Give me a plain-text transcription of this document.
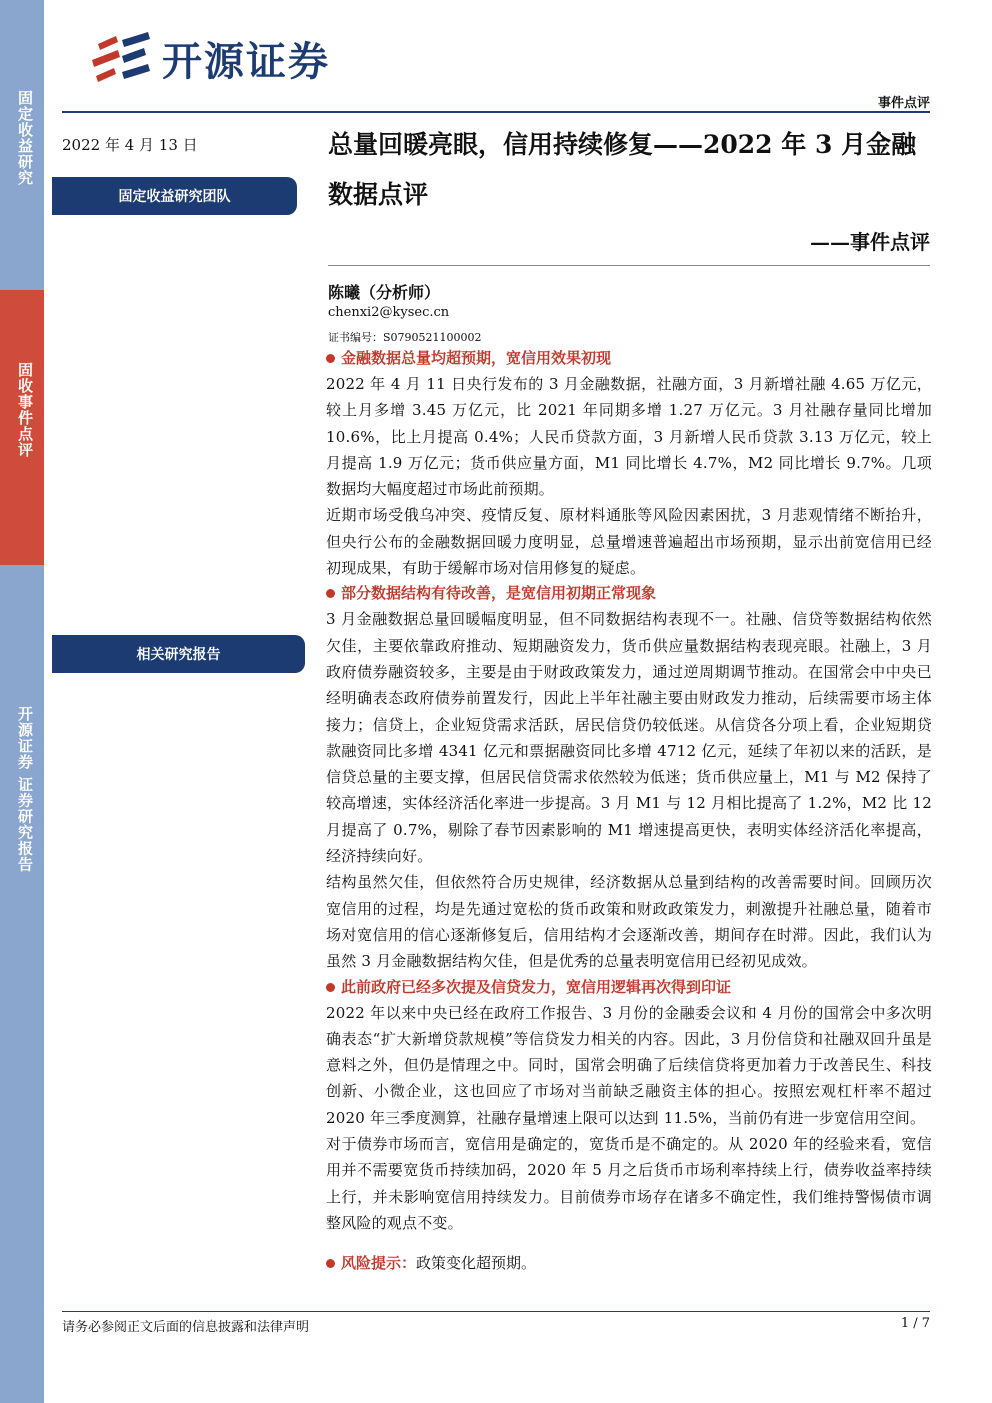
固定收益研究
固收事件点评
开源证券 证券研究报告
开源证券
事件点评
2022 年 4 月 13 日
固定收益研究团队
相关研究报告
总量回暖亮眼，信用持续修复——2022 年 3 月金融数据点评
——事件点评
陈曦（分析师）
chenxi2@kysec.cn
证书编号：S0790521100002
金融数据总量均超预期，宽信用效果初现

2022 年 4 月 11 日央行发布的 3 月金融数据，社融方面，3 月新增社融 4.65 万亿元，较上月多增 3.45 万亿元，比 2021 年同期多增 1.27 万亿元。3 月社融存量同比增加 10.6%，比上月提高 0.4%；人民币贷款方面，3 月新增人民币贷款 3.13 万亿元，较上月提高 1.9 万亿元；货币供应量方面，M1 同比增长 4.7%，M2 同比增长 9.7%。几项数据均大幅度超过市场此前预期。

近期市场受俄乌冲突、疫情反复、原材料通胀等风险因素困扰，3 月悲观情绪不断抬升，但央行公布的金融数据回暖力度明显，总量增速普遍超出市场预期，显示出前宽信用已经初现成果，有助于缓解市场对信用修复的疑虑。

部分数据结构有待改善，是宽信用初期正常现象

3 月金融数据总量回暖幅度明显，但不同数据结构表现不一。社融、信贷等数据结构依然欠佳，主要依靠政府推动、短期融资发力，货币供应量数据结构表现亮眼。社融上，3 月政府债券融资较多，主要是由于财政政策发力，通过逆周期调节推动。在国常会中中央已经明确表态政府债券前置发行，因此上半年社融主要由财政发力推动，后续需要市场主体接力；信贷上，企业短贷需求活跃，居民信贷仍较低迷。从信贷各分项上看，企业短期贷款融资同比多增 4341 亿元和票据融资同比多增 4712 亿元，延续了年初以来的活跃，是信贷总量的主要支撑，但居民信贷需求依然较为低迷；货币供应量上，M1 与 M2 保持了较高增速，实体经济活化率进一步提高。3 月 M1 与 12 月相比提高了 1.2%，M2 比 12 月提高了 0.7%，剔除了春节因素影响的 M1 增速提高更快，表明实体经济活化率提高，经济持续向好。

结构虽然欠佳，但依然符合历史规律，经济数据从总量到结构的改善需要时间。回顾历次宽信用的过程，均是先通过宽松的货币政策和财政政策发力，刺激提升社融总量，随着市场对宽信用的信心逐渐修复后，信用结构才会逐渐改善，期间存在时滞。因此，我们认为虽然 3 月金融数据结构欠佳，但是优秀的总量表明宽信用已经初见成效。

此前政府已经多次提及信贷发力，宽信用逻辑再次得到印证

2022 年以来中央已经在政府工作报告、3 月份的金融委会议和 4 月份的国常会中多次明确表态“扩大新增贷款规模”等信贷发力相关的内容。因此，3 月份信贷和社融双回升虽是意料之外，但仍是情理之中。同时，国常会明确了后续信贷将更加着力于改善民生、科技创新、小微企业，这也回应了市场对当前缺乏融资主体的担心。按照宏观杠杆率不超过 2020 年三季度测算，社融存量增速上限可以达到 11.5%，当前仍有进一步宽信用空间。

对于债券市场而言，宽信用是确定的，宽货币是不确定的。从 2020 年的经验来看，宽信用并不需要宽货币持续加码，2020 年 5 月之后货币市场利率持续上行，债券收益率持续上行，并未影响宽信用持续发力。目前债券市场存在诸多不确定性，我们维持警惕债市调整风险的观点不变。

风险提示： 政策变化超预期。
请务必参阅正文后面的信息披露和法律声明	1 / 7
